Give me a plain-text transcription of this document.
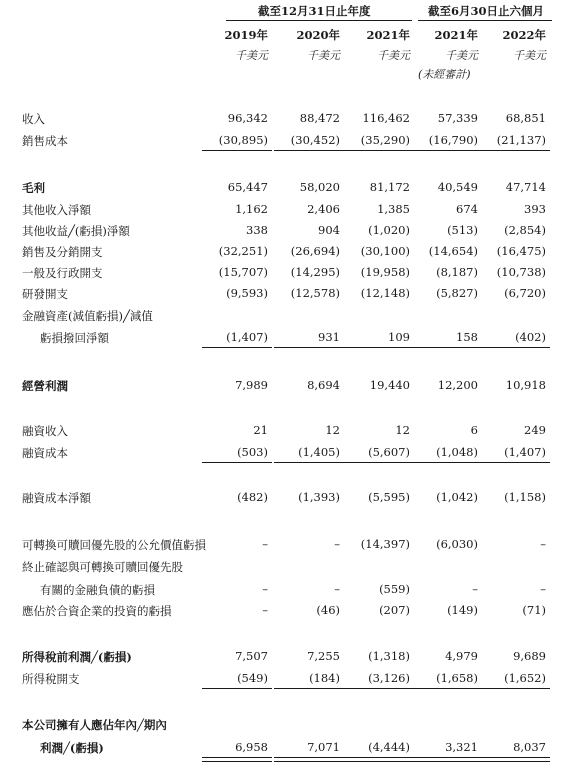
截至12月31日止年度	截至6月30日止六個月
2019年	2020年	2021年	2021年	2022年
千美元	千美元	千美元	千美元	千美元
(未經審計)
收入	96,342	88,472	116,462	57,339	68,851
銷售成本	(30,895)	(30,452)	(35,290)	(16,790)	(21,137)
毛利	65,447	58,020	81,172	40,549	47,714
其他收入淨額	1,162	2,406	1,385	674	393
其他收益╱(虧損)淨額	338	904	(1,020)	(513)	(2,854)
銷售及分銷開支	(32,251)	(26,694)	(30,100)	(14,654)	(16,475)
一般及行政開支	(15,707)	(14,295)	(19,958)	(8,187)	(10,738)
研發開支	(9,593)	(12,578)	(12,148)	(5,827)	(6,720)
金融資產(減值虧損)╱減值
虧損撥回淨額	(1,407)	931	109	158	(402)
經營利潤	7,989	8,694	19,440	12,200	10,918
融資收入	21	12	12	6	249
融資成本	(503)	(1,405)	(5,607)	(1,048)	(1,407)
融資成本淨額	(482)	(1,393)	(5,595)	(1,042)	(1,158)
可轉換可贖回優先股的公允價值虧損	–	–	(14,397)	(6,030)	–
終止確認與可轉換可贖回優先股
有關的金融負債的虧損	–	–	(559)	–	–
應佔於合資企業的投資的虧損	–	(46)	(207)	(149)	(71)
所得稅前利潤╱(虧損)	7,507	7,255	(1,318)	4,979	9,689
所得稅開支	(549)	(184)	(3,126)	(1,658)	(1,652)
本公司擁有人應佔年內╱期內
利潤╱(虧損)	6,958	7,071	(4,444)	3,321	8,037
